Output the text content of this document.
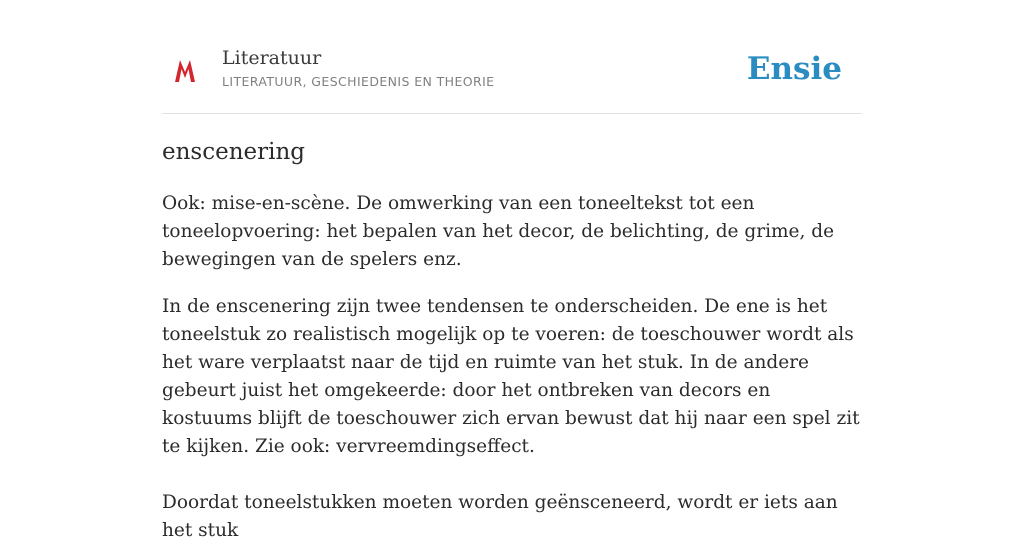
Literatuur
LITERATUUR, GESCHIEDENIS EN THEORIE	Ensie
enscenering

Ook: mise-en-scène. De omwerking van een toneeltekst tot een toneelopvoering: het bepalen van het decor, de belichting, de grime, de bewegingen van de spelers enz.

In de enscenering zijn twee tendensen te onderscheiden. De ene is het toneelstuk zo realistisch mogelijk op te voeren: de toeschouwer wordt als het ware verplaatst naar de tijd en ruimte van het stuk. In de andere gebeurt juist het omgekeerde: door het ontbreken van decors en kostuums blijft de toeschouwer zich ervan bewust dat hij naar een spel zit te kijken. Zie ook: vervreemdingseffect.

Doordat toneelstukken moeten worden geënsceneerd, wordt er iets aan het stuk
